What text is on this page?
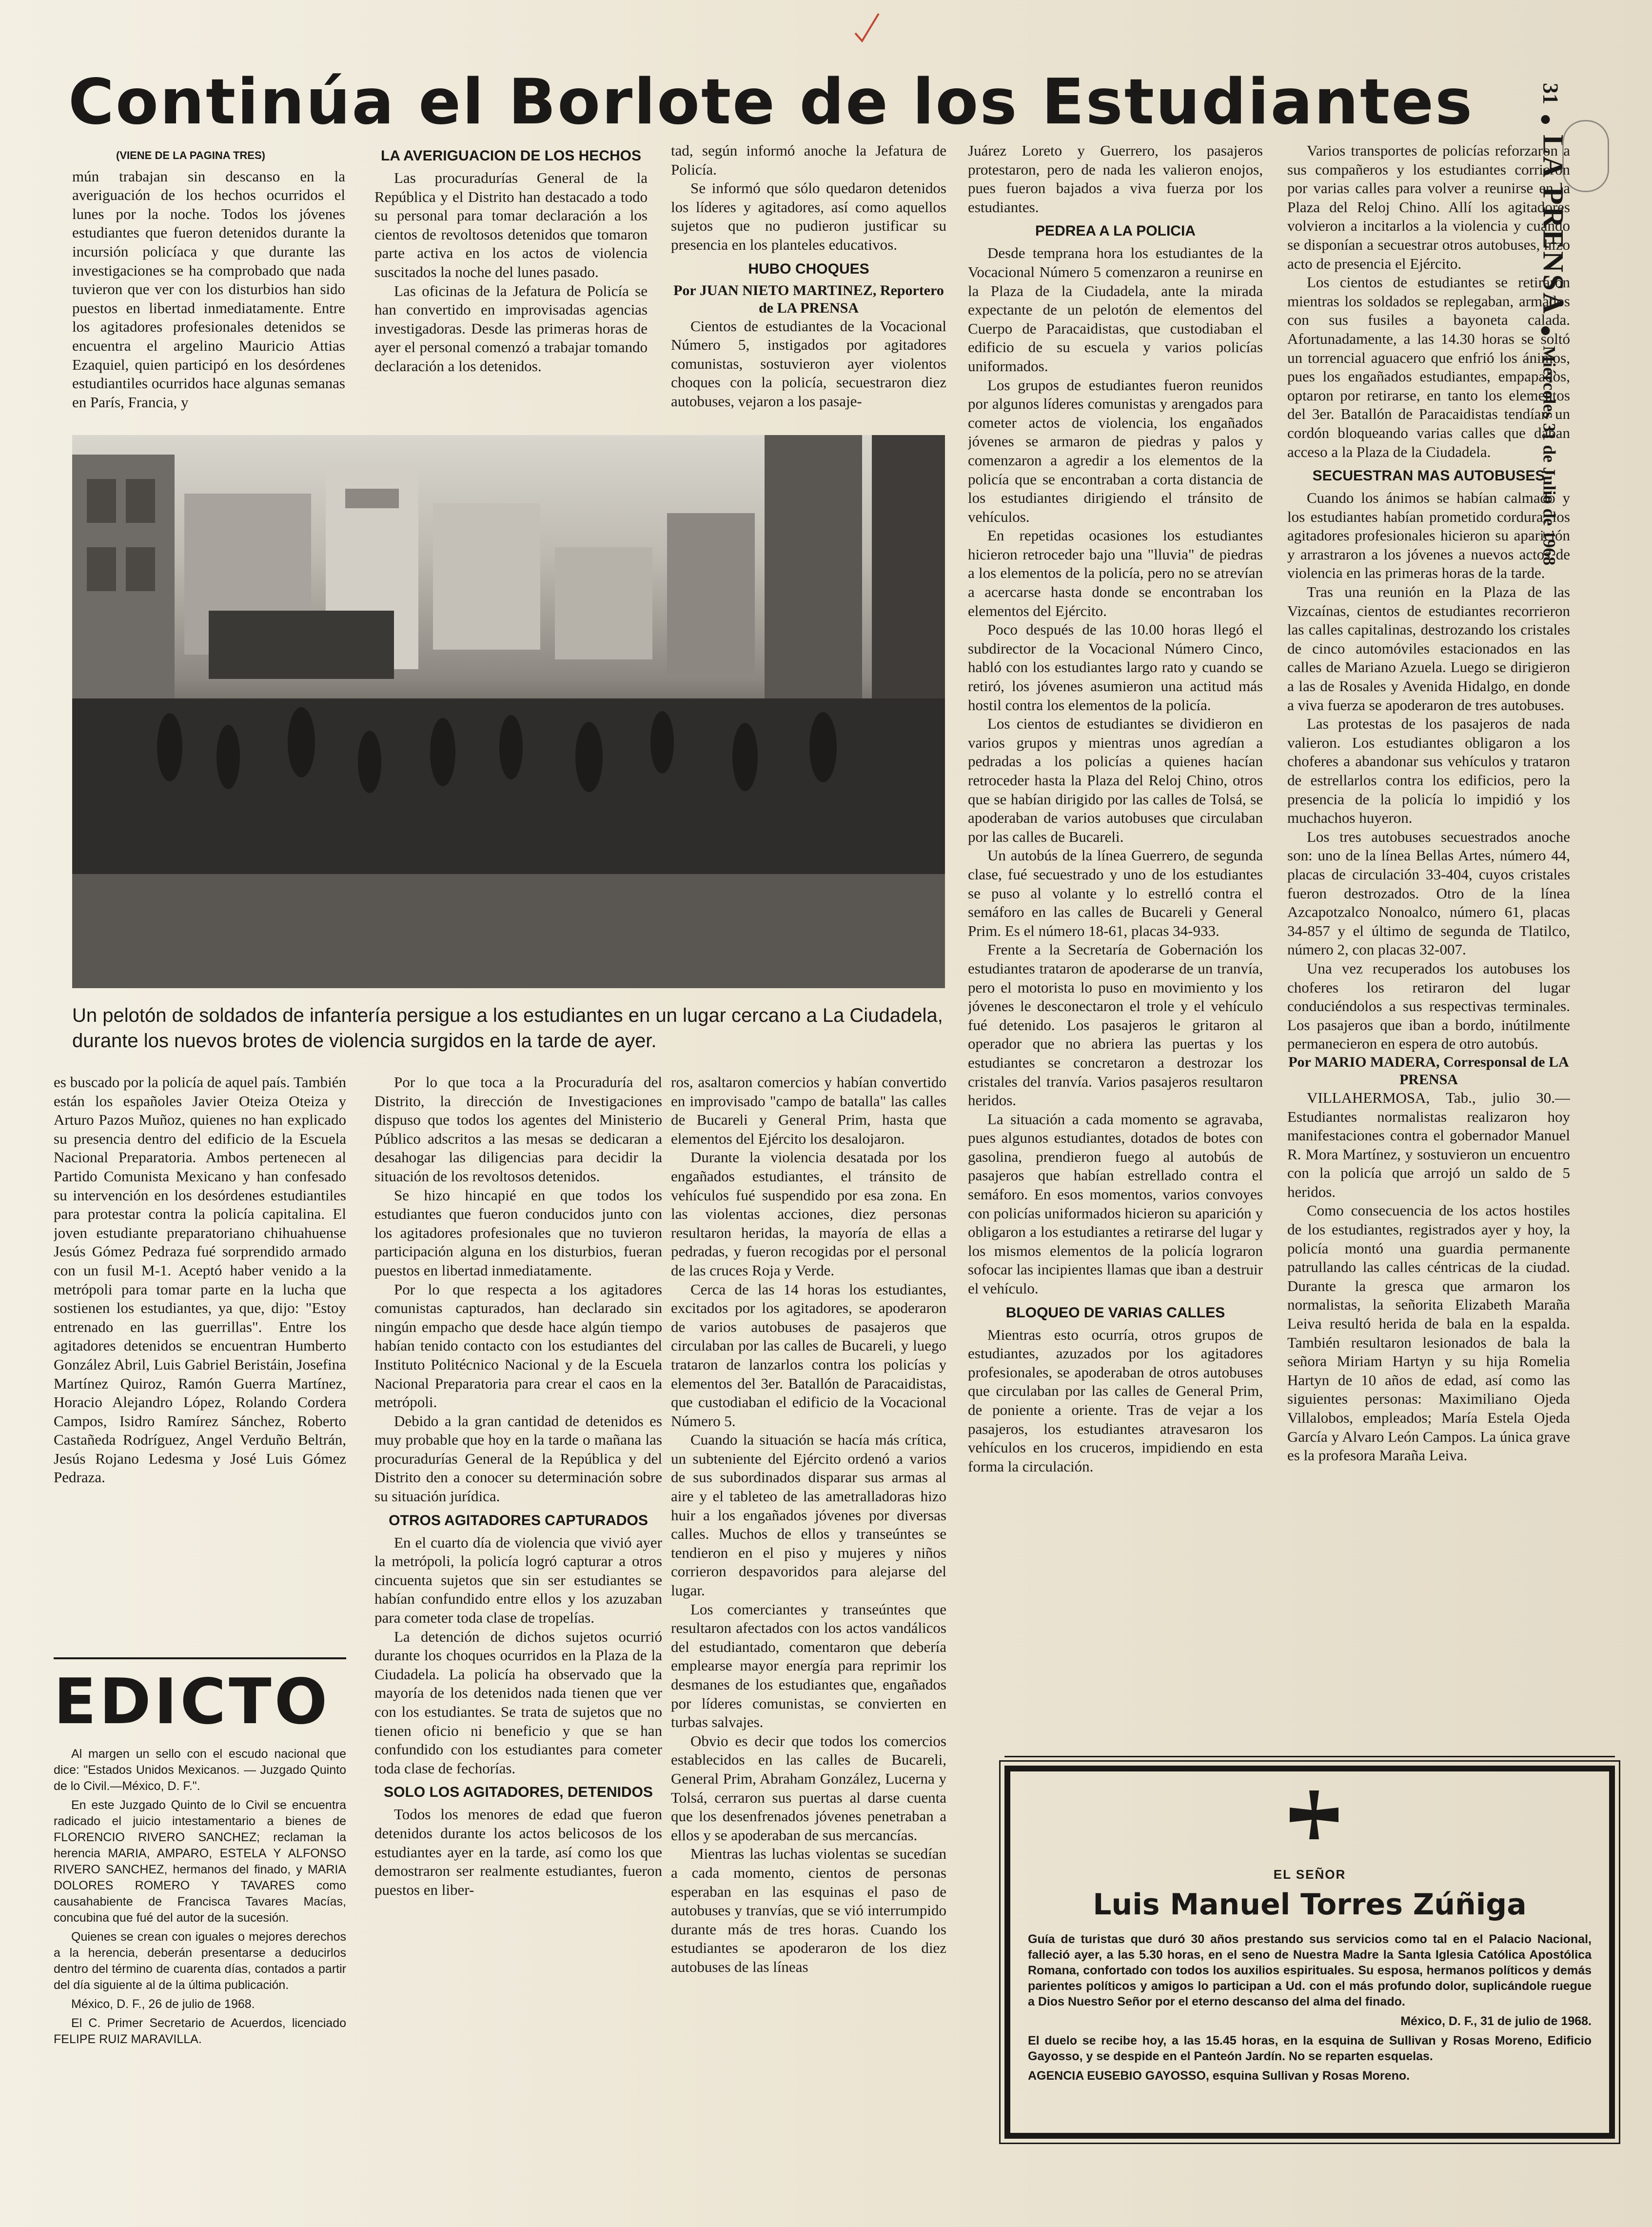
Continúa el Borlote de los Estudiantes	31LA PRENSAMiércoles 31 de Julio de 1968

(VIENE DE LA PAGINA TRES)

mún trabajan sin descanso en la averiguación de los hechos ocurridos el lunes por la noche. Todos los jóvenes estudiantes que fueron detenidos durante la incursión policíaca y que durante las investigaciones se ha comprobado que nada tuvieron que ver con los disturbios han sido puestos en libertad inmediatamente. Entre los agitadores profesionales detenidos se encuentra el argelino Mauricio Attias Ezaquiel, quien participó en los desórdenes estudiantiles ocurridos hace algunas semanas en París, Francia, y

LA AVERIGUACION DE LOS HECHOS

Las procuradurías General de la República y el Distrito han destacado a todo su personal para tomar declaración a los cientos de revoltosos detenidos que tomaron parte activa en los actos de violencia suscitados la noche del lunes pasado.

Las oficinas de la Jefatura de Policía se han convertido en improvisadas agencias investigadoras. Desde las primeras horas de ayer el personal comenzó a trabajar tomando declaración a los detenidos.

tad, según informó anoche la Jefatura de Policía.

Se informó que sólo quedaron detenidos los líderes y agitadores, así como aquellos sujetos que no pudieron justificar su presencia en los planteles educativos.

HUBO CHOQUES

Por JUAN NIETO MARTINEZ, Reportero de LA PRENSA

Cientos de estudiantes de la Vocacional Número 5, instigados por agitadores comunistas, sostuvieron ayer violentos choques con la policía, secuestraron diez autobuses, vejaron a los pasaje-

Juárez Loreto y Guerrero, los pasajeros protestaron, pero de nada les valieron enojos, pues fueron bajados a viva fuerza por los estudiantes.

PEDREA A LA POLICIA

Desde temprana hora los estudiantes de la Vocacional Número 5 comenzaron a reunirse en la Plaza de la Ciudadela, ante la mirada expectante de un pelotón de elementos del Cuerpo de Paracaidistas, que custodiaban el edificio de su escuela y varios policías uniformados.

Los grupos de estudiantes fueron reunidos por algunos líderes comunistas y arengados para cometer actos de violencia, los engañados jóvenes se armaron de piedras y palos y comenzaron a agredir a los elementos de la policía que se encontraban a corta distancia de los estudiantes dirigiendo el tránsito de vehículos.

En repetidas ocasiones los estudiantes hicieron retroceder bajo una "lluvia" de piedras a los elementos de la policía, pero no se atrevían a acercarse hasta donde se encontraban los elementos del Ejército.

Poco después de las 10.00 horas llegó el subdirector de la Vocacional Número Cinco, habló con los estudiantes largo rato y cuando se retiró, los jóvenes asumieron una actitud más hostil contra los elementos de la policía.

Los cientos de estudiantes se dividieron en varios grupos y mientras unos agredían a pedradas a los policías a quienes hacían retroceder hasta la Plaza del Reloj Chino, otros que se habían dirigido por las calles de Tolsá, se apoderaban de varios autobuses que circulaban por las calles de Bucareli.

Un autobús de la línea Guerrero, de segunda clase, fué secuestrado y uno de los estudiantes se puso al volante y lo estrelló contra el semáforo en las calles de Bucareli y General Prim. Es el número 18-61, placas 34-933.

Frente a la Secretaría de Gobernación los estudiantes trataron de apoderarse de un tranvía, pero el motorista lo puso en movimiento y los jóvenes le desconectaron el trole y el vehículo fué detenido. Los pasajeros le gritaron al operador que no abriera las puertas y los estudiantes se concretaron a destrozar los cristales del tranvía. Varios pasajeros resultaron heridos.

La situación a cada momento se agravaba, pues algunos estudiantes, dotados de botes con gasolina, prendieron fuego al autobús de pasajeros que habían estrellado contra el semáforo. En esos momentos, varios convoyes con policías uniformados hicieron su aparición y obligaron a los estudiantes a retirarse del lugar y los mismos elementos de la policía lograron sofocar las incipientes llamas que iban a destruir el vehículo.

BLOQUEO DE VARIAS CALLES

Mientras esto ocurría, otros grupos de estudiantes, azuzados por los agitadores profesionales, se apoderaban de otros autobuses que circulaban por las calles de General Prim, de poniente a oriente. Tras de vejar a los pasajeros, los estudiantes atravesaron los vehículos en los cruceros, impidiendo en esta forma la circulación.

Varios transportes de policías reforzaron a sus compañeros y los estudiantes corrieron por varias calles para volver a reunirse en la Plaza del Reloj Chino. Allí los agitadores volvieron a incitarlos a la violencia y cuando se disponían a secuestrar otros autobuses, hizo acto de presencia el Ejército.

Los cientos de estudiantes se retiraron mientras los soldados se replegaban, armados con sus fusiles a bayoneta calada. Afortunadamente, a las 14.30 horas se soltó un torrencial aguacero que enfrió los ánimos, pues los engañados estudiantes, empapados, optaron por retirarse, en tanto los elementos del 3er. Batallón de Paracaidistas tendían un cordón bloqueando varias calles que daban acceso a la Plaza de la Ciudadela.

SECUESTRAN MAS AUTOBUSES

Cuando los ánimos se habían calmado y los estudiantes habían prometido cordura, los agitadores profesionales hicieron su aparición y arrastraron a los jóvenes a nuevos actos de violencia en las primeras horas de la tarde.

Tras una reunión en la Plaza de las Vizcaínas, cientos de estudiantes recorrieron las calles capitalinas, destrozando los cristales de cinco automóviles estacionados en las calles de Mariano Azuela. Luego se dirigieron a las de Rosales y Avenida Hidalgo, en donde a viva fuerza se apoderaron de tres autobuses.

Las protestas de los pasajeros de nada valieron. Los estudiantes obligaron a los choferes a abandonar sus vehículos y trataron de estrellarlos contra los edificios, pero la presencia de la policía lo impidió y los muchachos huyeron.

Los tres autobuses secuestrados anoche son: uno de la línea Bellas Artes, número 44, placas de circulación 33-404, cuyos cristales fueron destrozados. Otro de la línea Azcapotzalco Nonoalco, número 61, placas 34-857 y el último de segunda de Tlatilco, número 2, con placas 32-007.

Una vez recuperados los autobuses los choferes los retiraron del lugar conduciéndolos a sus respectivas terminales. Los pasajeros que iban a bordo, inútilmente permanecieron en espera de otro autobús.

Por MARIO MADERA, Corresponsal de LA PRENSA

VILLAHERMOSA, Tab., julio 30.—Estudiantes normalistas realizaron hoy manifestaciones contra el gobernador Manuel R. Mora Martínez, y sostuvieron un encuentro con la policía que arrojó un saldo de 5 heridos.

Como consecuencia de los actos hostiles de los estudiantes, registrados ayer y hoy, la policía montó una guardia permanente patrullando las calles céntricas de la ciudad. Durante la gresca que armaron los normalistas, la señorita Elizabeth Maraña Leiva resultó herida de bala en la espalda. También resultaron lesionados de bala la señora Miriam Hartyn y su hija Romelia Hartyn de 10 años de edad, así como las siguientes personas: Maximiliano Ojeda Villalobos, empleados; María Estela Ojeda García y Alvaro León Campos. La única grave es la profesora Maraña Leiva.

Un pelotón de soldados de infantería persigue a los estudiantes en un lugar cercano a La Ciudadela, durante los nuevos brotes de violencia surgidos en la tarde de ayer.

es buscado por la policía de aquel país. También están los españoles Javier Oteiza Oteiza y Arturo Pazos Muñoz, quienes no han explicado su presencia dentro del edificio de la Escuela Nacional Preparatoria. Ambos pertenecen al Partido Comunista Mexicano y han confesado su intervención en los desórdenes estudiantiles para protestar contra la policía capitalina. El joven estudiante preparatoriano chihuahuense Jesús Gómez Pedraza fué sorprendido armado con un fusil M-1. Aceptó haber venido a la metrópoli para tomar parte en la lucha que sostienen los estudiantes, ya que, dijo: "Estoy entrenado en las guerrillas". Entre los agitadores detenidos se encuentran Humberto González Abril, Luis Gabriel Beristáin, Josefina Martínez Quiroz, Ramón Guerra Martínez, Horacio Alejandro López, Rolando Cordera Campos, Isidro Ramírez Sánchez, Roberto Castañeda Rodríguez, Angel Verduño Beltrán, Jesús Rojano Ledesma y José Luis Gómez Pedraza.

EDICTO

Al margen un sello con el escudo nacional que dice: "Estados Unidos Mexicanos. — Juzgado Quinto de lo Civil.—México, D. F.".

En este Juzgado Quinto de lo Civil se encuentra radicado el juicio intestamentario a bienes de FLORENCIO RIVERO SANCHEZ; reclaman la herencia MARIA, AMPARO, ESTELA Y ALFONSO RIVERO SANCHEZ, hermanos del finado, y MARIA DOLORES ROMERO Y TAVARES como causahabiente de Francisca Tavares Macías, concubina que fué del autor de la sucesión.

Quienes se crean con iguales o mejores derechos a la herencia, deberán presentarse a deducirlos dentro del término de cuarenta días, contados a partir del día siguiente al de la última publicación.

México, D. F., 26 de julio de 1968.

El C. Primer Secretario de Acuerdos, licenciado FELIPE RUIZ MARAVILLA.

Por lo que toca a la Procuraduría del Distrito, la dirección de Investigaciones dispuso que todos los agentes del Ministerio Público adscritos a las mesas se dedicaran a desahogar las diligencias para decidir la situación de los revoltosos detenidos.

Se hizo hincapié en que todos los estudiantes que fueron conducidos junto con los agitadores profesionales que no tuvieron participación alguna en los disturbios, fueran puestos en libertad inmediatamente.

Por lo que respecta a los agitadores comunistas capturados, han declarado sin ningún empacho que desde hace algún tiempo habían tenido contacto con los estudiantes del Instituto Politécnico Nacional y de la Escuela Nacional Preparatoria para crear el caos en la metrópoli.

Debido a la gran cantidad de detenidos es muy probable que hoy en la tarde o mañana las procuradurías General de la República y del Distrito den a conocer su determinación sobre su situación jurídica.

OTROS AGITADORES CAPTURADOS

En el cuarto día de violencia que vivió ayer la metrópoli, la policía logró capturar a otros cincuenta sujetos que sin ser estudiantes se habían confundido entre ellos y los azuzaban para cometer toda clase de tropelías.

La detención de dichos sujetos ocurrió durante los choques ocurridos en la Plaza de la Ciudadela. La policía ha observado que la mayoría de los detenidos nada tienen que ver con los estudiantes. Se trata de sujetos que no tienen oficio ni beneficio y que se han confundido con los estudiantes para cometer toda clase de fechorías.

SOLO LOS AGITADORES, DETENIDOS

Todos los menores de edad que fueron detenidos durante los actos belicosos de los estudiantes ayer en la tarde, así como los que demostraron ser realmente estudiantes, fueron puestos en liber-

ros, asaltaron comercios y habían convertido en improvisado "campo de batalla" las calles de Bucareli y General Prim, hasta que elementos del Ejército los desalojaron.

Durante la violencia desatada por los engañados estudiantes, el tránsito de vehículos fué suspendido por esa zona. En las violentas acciones, diez personas resultaron heridas, la mayoría de ellas a pedradas, y fueron recogidas por el personal de las cruces Roja y Verde.

Cerca de las 14 horas los estudiantes, excitados por los agitadores, se apoderaron de varios autobuses de pasajeros que circulaban por las calles de Bucareli, y luego trataron de lanzarlos contra los policías y elementos del 3er. Batallón de Paracaidistas, que custodiaban el edificio de la Vocacional Número 5.

Cuando la situación se hacía más crítica, un subteniente del Ejército ordenó a varios de sus subordinados disparar sus armas al aire y el tableteo de las ametralladoras hizo huir a los engañados jóvenes por diversas calles. Muchos de ellos y transeúntes se tendieron en el piso y mujeres y niños corrieron despavoridos para alejarse del lugar.

Los comerciantes y transeúntes que resultaron afectados con los actos vandálicos del estudiantado, comentaron que debería emplearse mayor energía para reprimir los desmanes de los estudiantes que, engañados por líderes comunistas, se convierten en turbas salvajes.

Obvio es decir que todos los comercios establecidos en las calles de Bucareli, General Prim, Abraham González, Lucerna y Tolsá, cerraron sus puertas al darse cuenta que los desenfrenados jóvenes penetraban a ellos y se apoderaban de sus mercancías.

Mientras las luchas violentas se sucedían a cada momento, cientos de personas esperaban en las esquinas el paso de autobuses y tranvías, que se vió interrumpido durante más de tres horas. Cuando los estudiantes se apoderaron de los diez autobuses de las líneas

EL SEÑOR
Luis Manuel Torres Zúñiga

Guía de turistas que duró 30 años prestando sus servicios como tal en el Palacio Nacional, falleció ayer, a las 5.30 horas, en el seno de Nuestra Madre la Santa Iglesia Católica Apostólica Romana, confortado con todos los auxilios espirituales. Su esposa, hermanos políticos y demás parientes políticos y amigos lo participan a Ud. con el más profundo dolor, suplicándole ruegue a Dios Nuestro Señor por el eterno descanso del alma del finado.

México, D. F., 31 de julio de 1968.

El duelo se recibe hoy, a las 15.45 horas, en la esquina de Sullivan y Rosas Moreno, Edificio Gayosso, y se despide en el Panteón Jardín. No se reparten esquelas.

AGENCIA EUSEBIO GAYOSSO, esquina Sullivan y Rosas Moreno.
